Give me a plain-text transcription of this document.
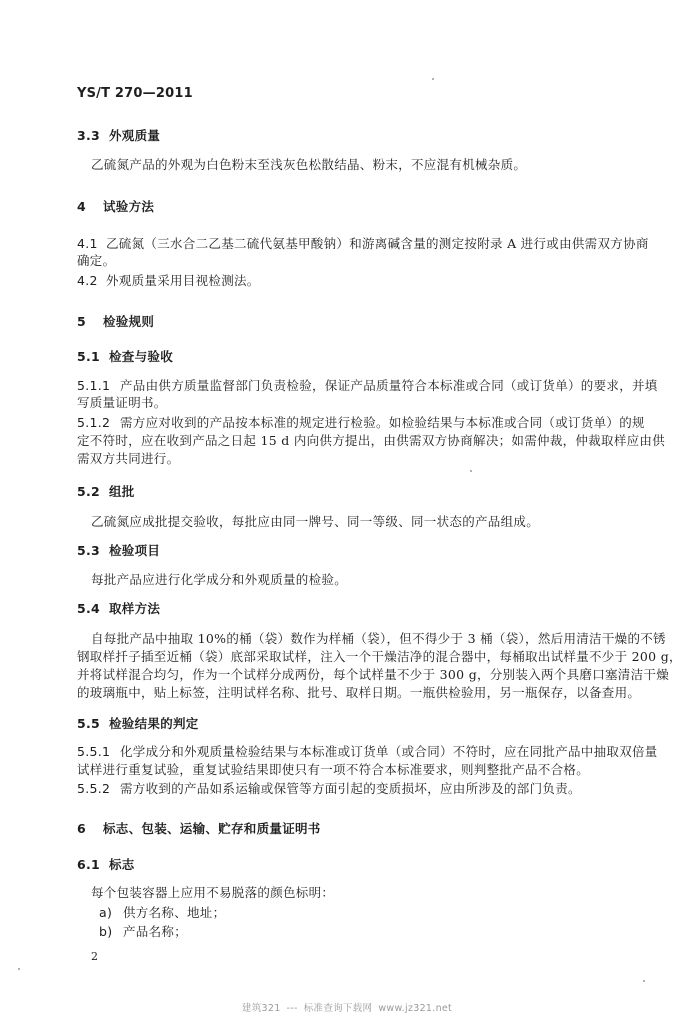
YS/T 270—2011
3.3 外观质量
乙硫氮产品的外观为白色粉末至浅灰色松散结晶、粉末，不应混有机械杂质。
4 试验方法
4.1 乙硫氮（三水合二乙基二硫代氨基甲酸钠）和游离碱含量的测定按附录 A 进行或由供需双方协商
确定。
4.2 外观质量采用目视检测法。
5 检验规则
5.1 检查与验收
5.1.1 产品由供方质量监督部门负责检验，保证产品质量符合本标准或合同（或订货单）的要求，并填
写质量证明书。
5.1.2 需方应对收到的产品按本标准的规定进行检验。如检验结果与本标准或合同（或订货单）的规
定不符时，应在收到产品之日起 15 d 内向供方提出，由供需双方协商解决；如需仲裁，仲裁取样应由供
需双方共同进行。
5.2 组批
乙硫氮应成批提交验收，每批应由同一牌号、同一等级、同一状态的产品组成。
5.3 检验项目
每批产品应进行化学成分和外观质量的检验。
5.4 取样方法
自每批产品中抽取 10%的桶（袋）数作为样桶（袋），但不得少于 3 桶（袋），然后用清洁干燥的不锈
钢取样扦子插至近桶（袋）底部采取试样，注入一个干燥洁净的混合器中，每桶取出试样量不少于 200 g，
并将试样混合均匀，作为一个试样分成两份，每个试样量不少于 300 g，分别装入两个具磨口塞清洁干燥
的玻璃瓶中，贴上标签，注明试样名称、批号、取样日期。一瓶供检验用，另一瓶保存，以备查用。
5.5 检验结果的判定
5.5.1 化学成分和外观质量检验结果与本标准或订货单（或合同）不符时，应在同批产品中抽取双倍量
试样进行重复试验，重复试验结果即使只有一项不符合本标准要求，则判整批产品不合格。
5.5.2 需方收到的产品如系运输或保管等方面引起的变质损坏，应由所涉及的部门负责。
6 标志、包装、运输、贮存和质量证明书
6.1 标志
每个包装容器上应用不易脱落的颜色标明：
a) 供方名称、地址；
b) 产品名称；
2
建筑321 --- 标准查询下载网 www.jz321.net
